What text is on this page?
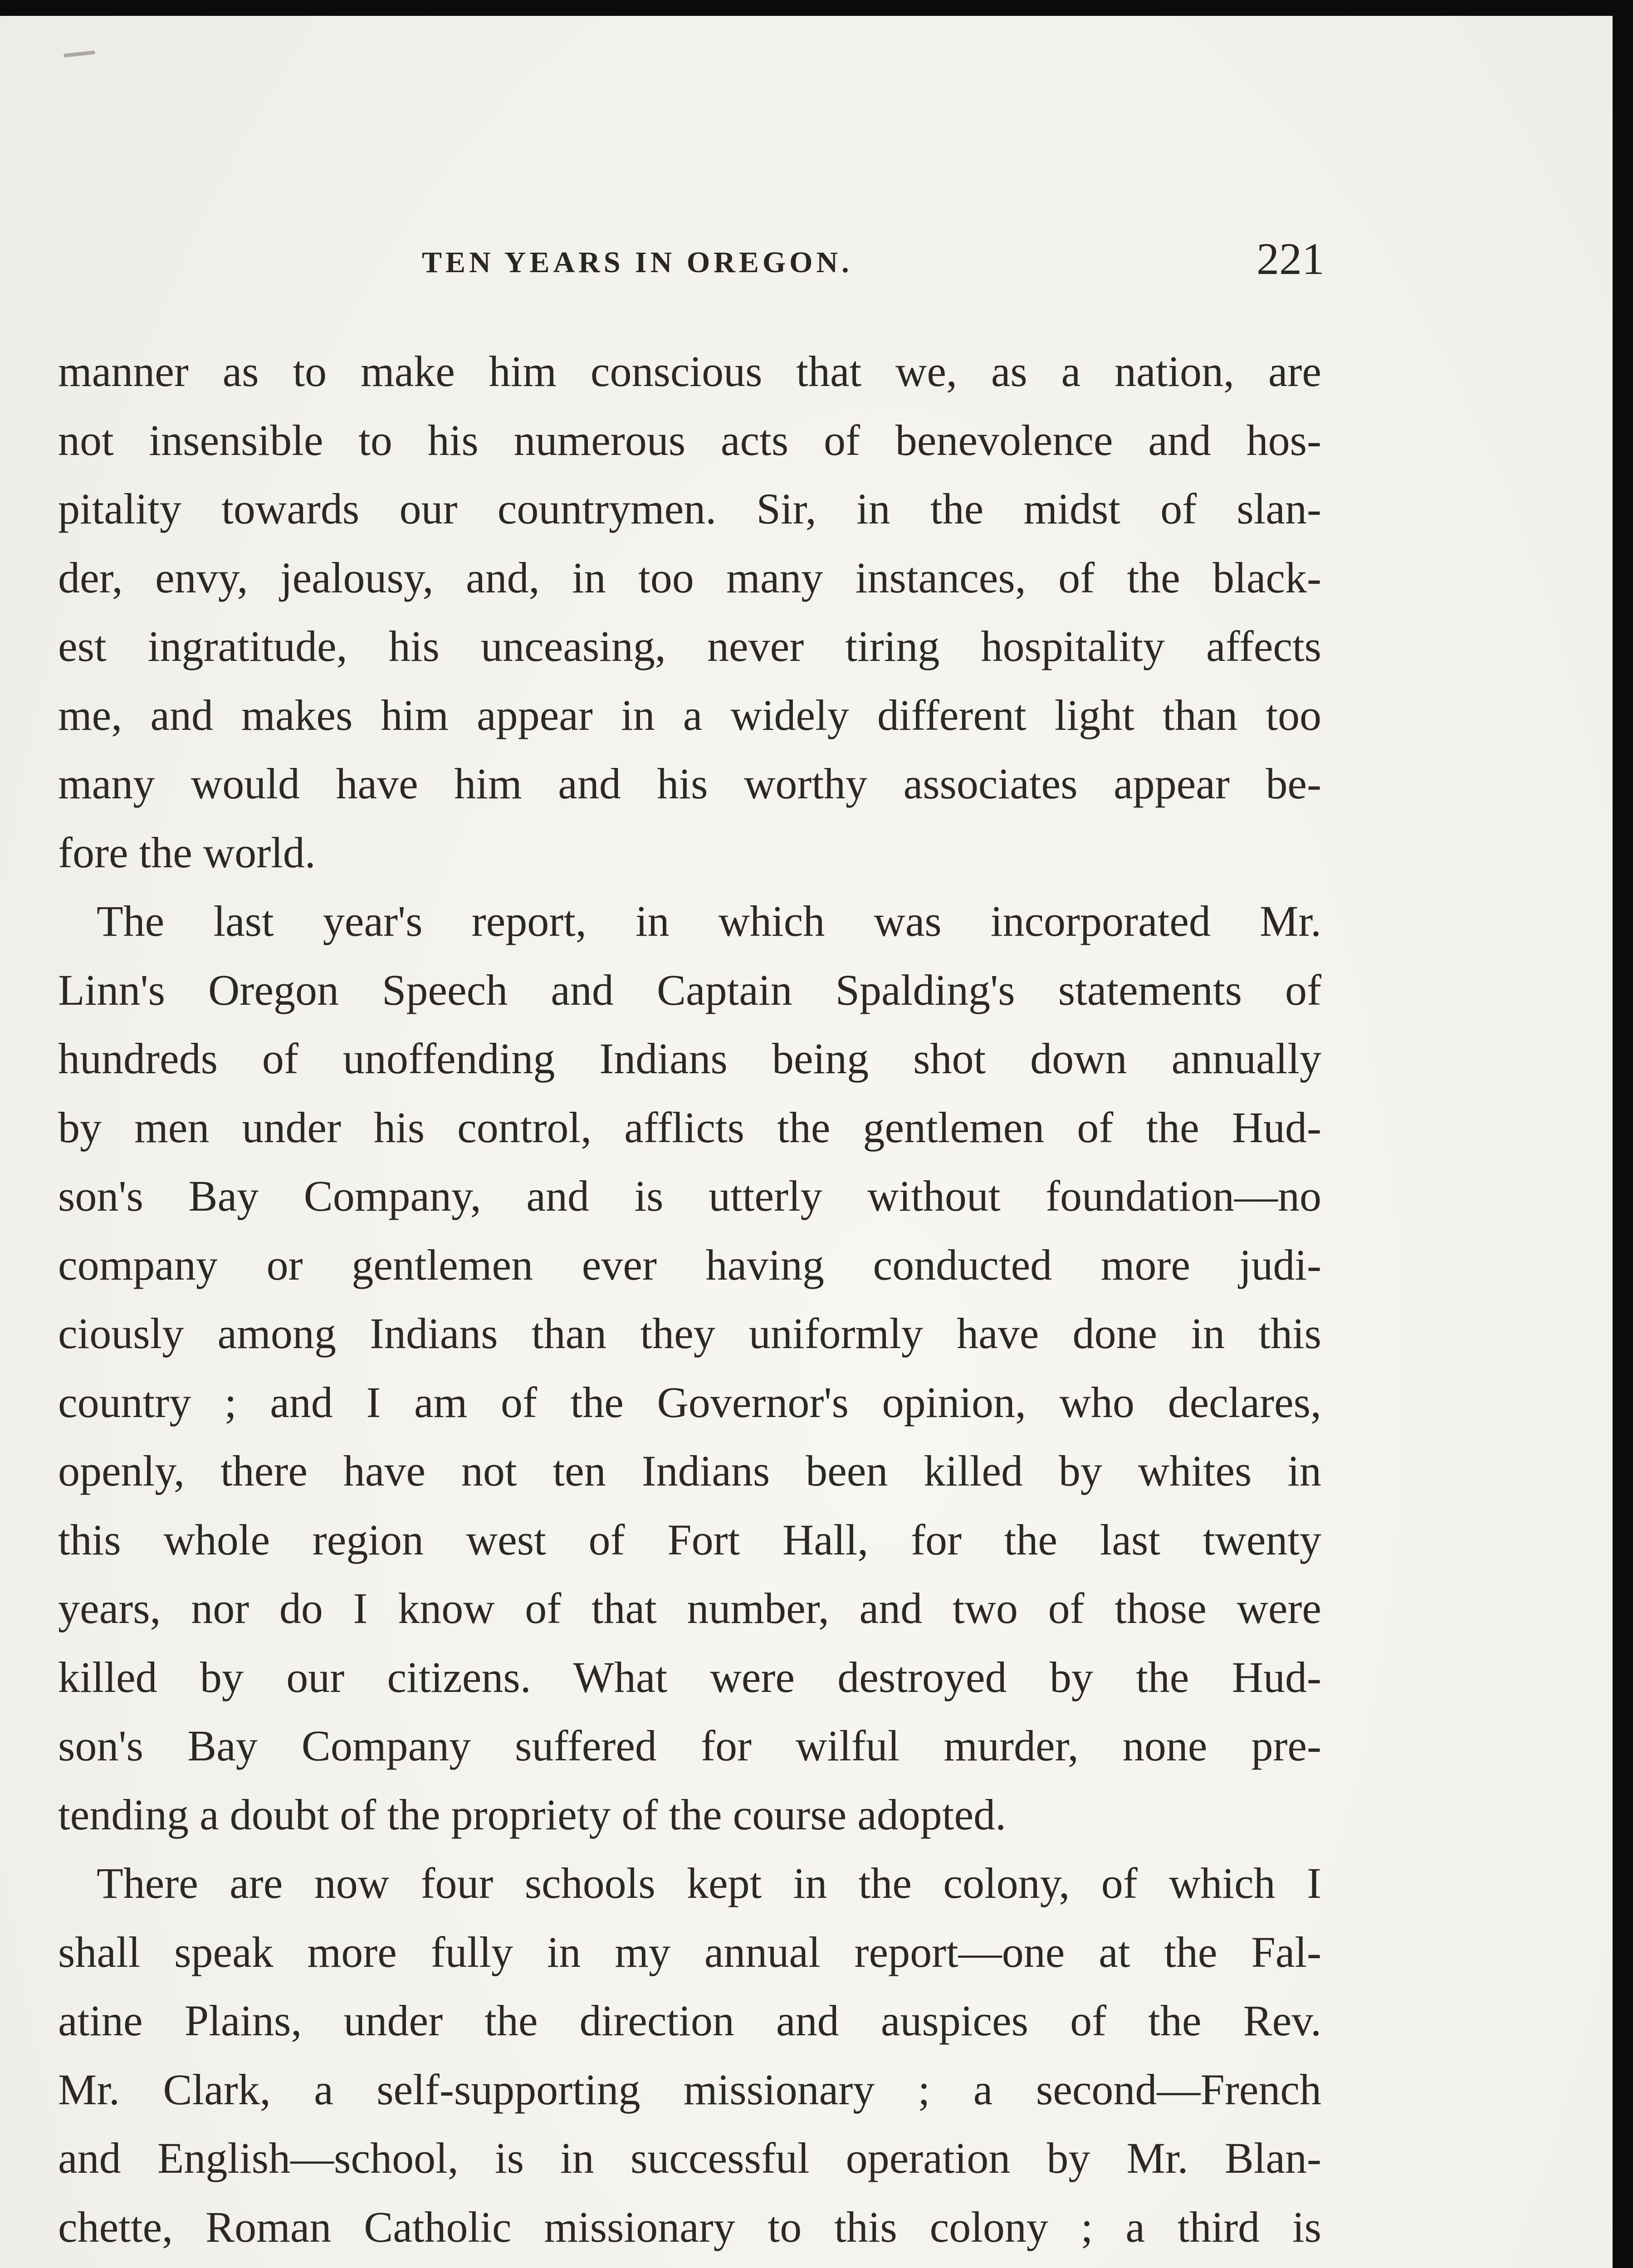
TEN YEARS IN OREGON.	221
manner as to make him conscious that we, as a nation, are
not insensible to his numerous acts of benevolence and hos-
pitality towards our countrymen. Sir, in the midst of slan-
der, envy, jealousy, and, in too many instances, of the black-
est ingratitude, his unceasing, never tiring hospitality affects
me, and makes him appear in a widely different light than too
many would have him and his worthy associates appear be-
fore the world.
The last year's report, in which was incorporated Mr.
Linn's Oregon Speech and Captain Spalding's statements of
hundreds of unoffending Indians being shot down annually
by men under his control, afflicts the gentlemen of the Hud-
son's Bay Company, and is utterly without foundation—no
company or gentlemen ever having conducted more judi-
ciously among Indians than they uniformly have done in this
country ; and I am of the Governor's opinion, who declares,
openly, there have not ten Indians been killed by whites in
this whole region west of Fort Hall, for the last twenty
years, nor do I know of that number, and two of those were
killed by our citizens. What were destroyed by the Hud-
son's Bay Company suffered for wilful murder, none pre-
tending a doubt of the propriety of the course adopted.
There are now four schools kept in the colony, of which I
shall speak more fully in my annual report—one at the Fal-
atine Plains, under the direction and auspices of the Rev.
Mr. Clark, a self-supporting missionary ; a second—French
and English—school, is in successful operation by Mr. Blan-
chette, Roman Catholic missionary to this colony ; a third is
